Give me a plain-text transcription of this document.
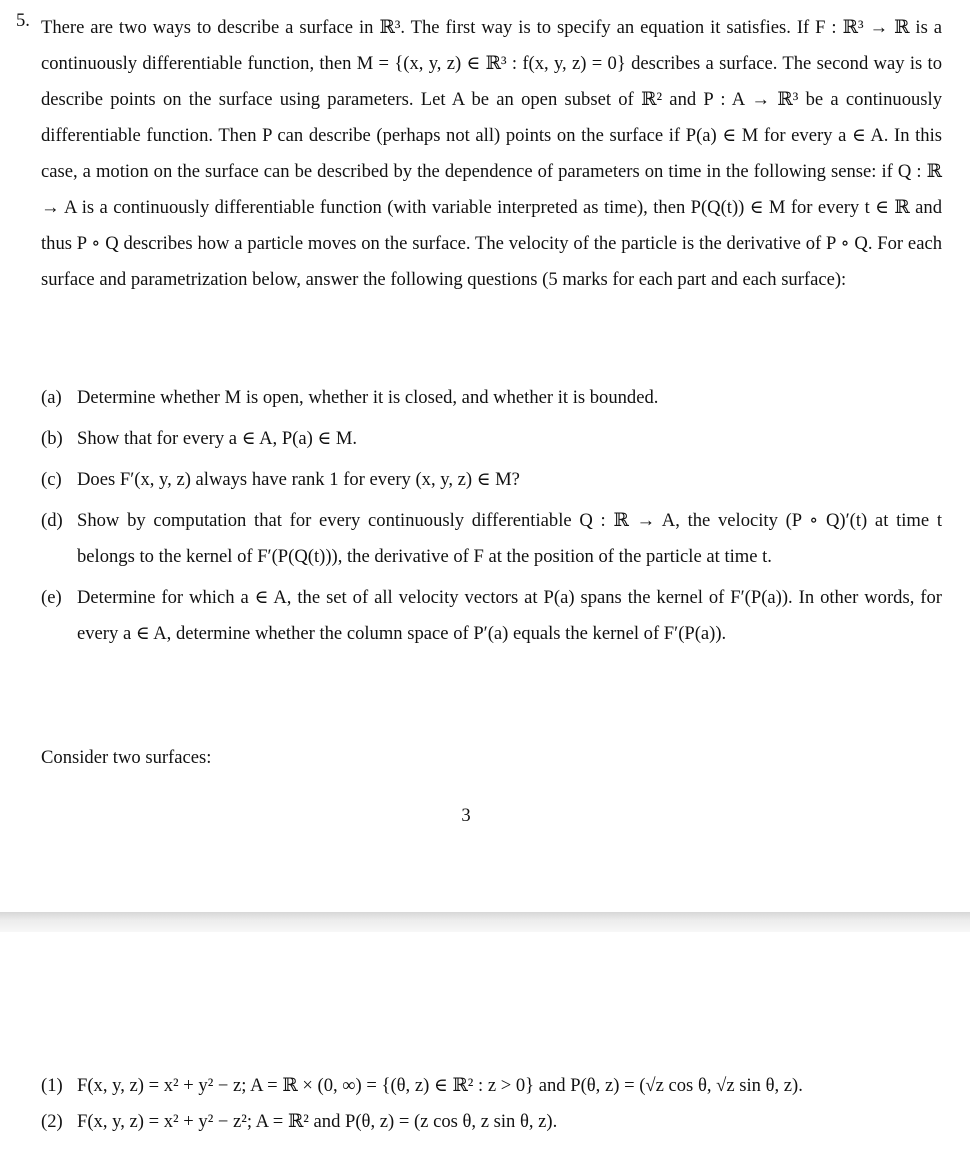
5. There are two ways to describe a surface in ℝ³. The first way is to specify an equation it satisfies. If F : ℝ³ → ℝ is a continuously differentiable function, then M = {(x, y, z) ∈ ℝ³ : f(x, y, z) = 0} describes a surface. The second way is to describe points on the surface using parameters. Let A be an open subset of ℝ² and P : A → ℝ³ be a continuously differentiable function. Then P can describe (perhaps not all) points on the surface if P(a) ∈ M for every a ∈ A. In this case, a motion on the surface can be described by the dependence of parameters on time in the following sense: if Q : ℝ → A is a continuously differentiable function (with variable interpreted as time), then P(Q(t)) ∈ M for every t ∈ ℝ and thus P ∘ Q describes how a particle moves on the surface. The velocity of the particle is the derivative of P ∘ Q. For each surface and parametrization below, answer the following questions (5 marks for each part and each surface):
(a) Determine whether M is open, whether it is closed, and whether it is bounded.
(b) Show that for every a ∈ A, P(a) ∈ M.
(c) Does F′(x, y, z) always have rank 1 for every (x, y, z) ∈ M?
(d) Show by computation that for every continuously differentiable Q : ℝ → A, the velocity (P ∘ Q)′(t) at time t belongs to the kernel of F′(P(Q(t))), the derivative of F at the position of the particle at time t.
(e) Determine for which a ∈ A, the set of all velocity vectors at P(a) spans the kernel of F′(P(a)). In other words, for every a ∈ A, determine whether the column space of P′(a) equals the kernel of F′(P(a)).
Consider two surfaces:
3
(1) F(x, y, z) = x² + y² − z; A = ℝ × (0, ∞) = {(θ, z) ∈ ℝ² : z > 0} and P(θ, z) = (√z cos θ, √z sin θ, z).
(2) F(x, y, z) = x² + y² − z²; A = ℝ² and P(θ, z) = (z cos θ, z sin θ, z).
